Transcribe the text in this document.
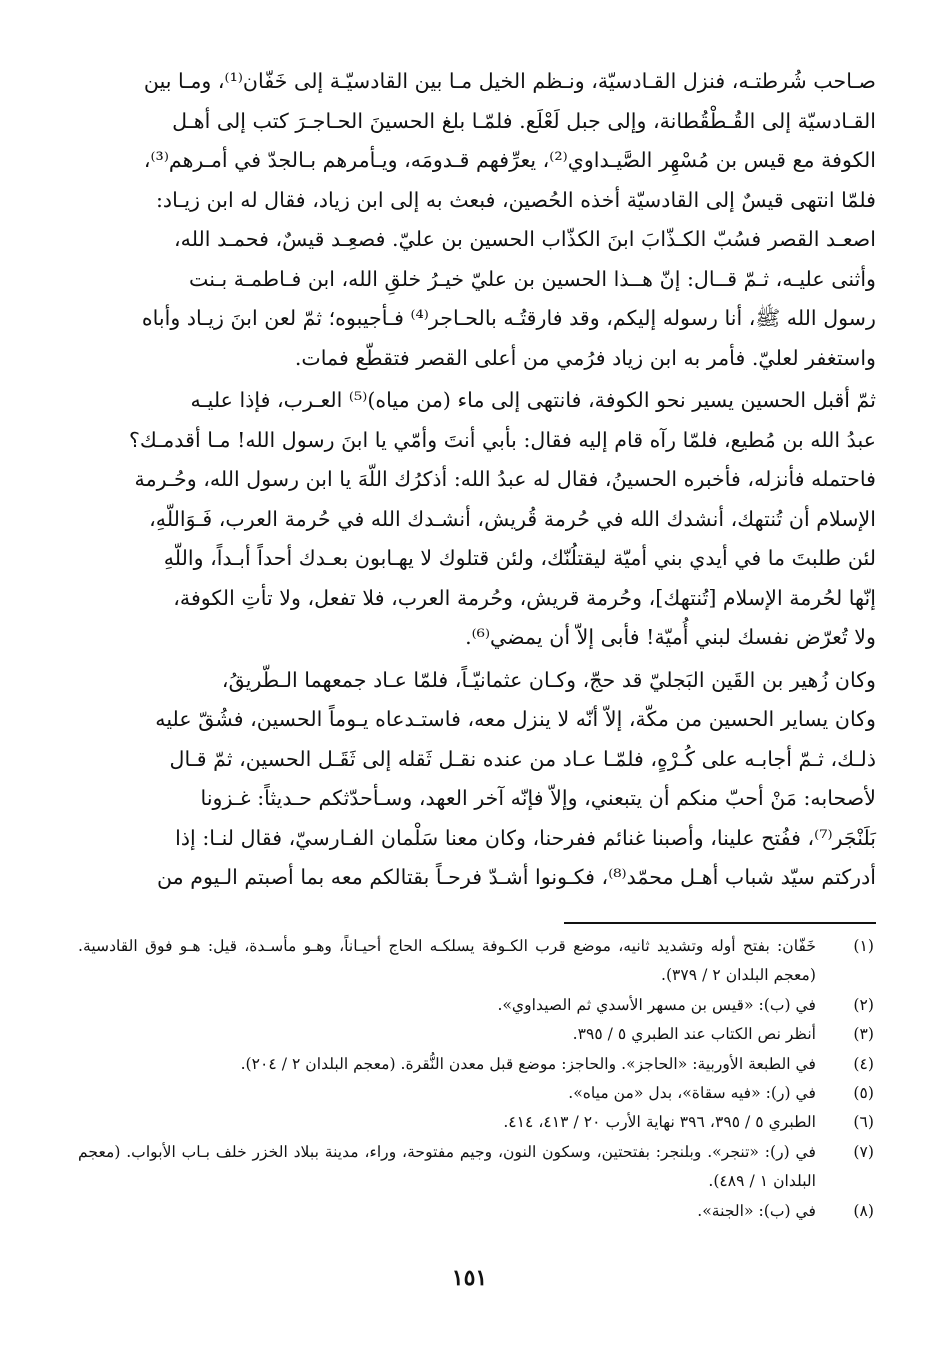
صـاحب شُرطتـه، فنزل القـادسيّة، ونـظم الخيل مـا بين القادسيّـة إلى خَفّان⁽¹⁾، ومـا بين

القـادسيّة إلى القُـطْقُطانة، وإلى جبل لَعْلَع. فلمّـا بلغ الحسينَ الحـاجـرَ كتب إلى أهـل

الكوفة مع قيس بن مُسْهِر الصَّيـداوي⁽²⁾، يعرِّفهم قـدومَه، ويـأمرهم بـالجدّ في أمـرهم⁽³⁾،

فلمّا انتهى قيسٌ إلى القادسيّة أخذه الحُصين، فبعث به إلى ابن زياد، فقال له ابن زيـاد:

اصعـد القصر فسُبّ الكـذّابَ ابنَ الكذّاب الحسين بن عليّ. فصعِـد قيسٌ، فحمـد الله،

وأثنى عليـه، ثـمّ قــال: إنّ هــذا الحسين بن عليّ خيـرُ خلقِ الله، ابن فـاطمـة بـنت

رسول الله ﷺ، أنا رسوله إليكم، وقد فارقتُـه بالحـاجر⁽⁴⁾ فـأجيبوه؛ ثمّ لعن ابنَ زيـاد وأباه

واستغفر لعليّ. فأمر به ابن زياد فرُمي من أعلى القصر فتقطّع فمات.

ثمّ أقبل الحسين يسير نحو الكوفة، فانتهى إلى ماء (من مياه)⁽⁵⁾ العـرب، فإذا عليـه

عبدُ الله بن مُطيع، فلمّا رآه قام إليه فقال: بأبي أنتَ وأمّي يا ابنَ رسول الله! مـا أقدمـك؟

فاحتمله فأنزله، فأخبره الحسينُ، فقال له عبدُ الله: أذكرُك اللّهَ يا ابن رسول الله، وحُـرمة

الإسلام أن تُنتهك، أنشدك الله في حُرمة قُريش، أنشـدك الله في حُرمة العرب، فَـوَاللّهِ،

لئن طلبتَ ما في أيدي بني أميّة ليقتلُنّك، ولئن قتلوك لا يهـابون بعـدك أحداً أبـداً، واللّهِ

إنّها لحُرمة الإسلام [تُنتهك]، وحُرمة قريش، وحُرمة العرب، فلا تفعل، ولا تأتِ الكوفة،

ولا تُعرّض نفسك لبني أُميّة! فأبى إلاّ أن يمضي⁽⁶⁾.

وكان زُهير بن القَين البَجليّ قد حجّ، وكـان عثمانيّـاً، فلمّا عـاد جمعهما الـطّريقُ،

وكان يساير الحسين من مكّة، إلاّ أنّه لا ينزل معه، فاستـدعاه يـوماً الحسين، فشُقّ عليه

ذلـك، ثـمّ أجابـه على كُـرْهٍ، فلمّـا عـاد من عنده نقـل ثَقله إلى ثَقَـل الحسين، ثمّ قـال

لأصحابه: مَنْ أحبّ منكم أن يتبعني، وإلاّ فإنّه آخر العهد، وسـأحدّثكم حـديثاً: غـزونا

بَلَنْجَر⁽⁷⁾، ففُتح علينا، وأصبنا غنائم ففرحنا، وكان معنا سَلْمان الفـارسيّ، فقال لنـا: إذا

أدركتم سيّد شباب أهـل محمّد⁽⁸⁾، فكـونوا أشـدّ فرحـاً بقتالكم معه بما أصبتم الـيوم من

(١)
خَفّان: بفتح أوله وتشديد ثانيه، موضع قرب الكـوفة يسلكـه الحاج أحيـاناً، وهـو مأسـدة، قيل: هـو فوق القادسية. (معجم البلدان ٢ / ٣٧٩).
(٢)
في (ب): «قيس بن مسهر الأسدي ثم الصيداوي».
(٣)
أنظر نص الكتاب عند الطبري ٥ / ٣٩٥.
(٤)
في الطبعة الأوربية: «الحاجز». والحاجز: موضع قبل معدن النُّقرة. (معجم البلدان ٢ / ٢٠٤).
(٥)
في (ر): «فيه سقاة»، بدل «من مياه».
(٦)
الطبري ٥ / ٣٩٥، ٣٩٦ نهاية الأرب ٢٠ / ٤١٣، ٤١٤.
(٧)
في (ر): «تنجر». وبلنجر: بفتحتين، وسكون النون، وجيم مفتوحة، وراء، مدينة ببلاد الخزر خلف بـاب الأبواب. (معجم البلدان ١ / ٤٨٩).
(٨)
في (ب): «الجنة».
١٥١
